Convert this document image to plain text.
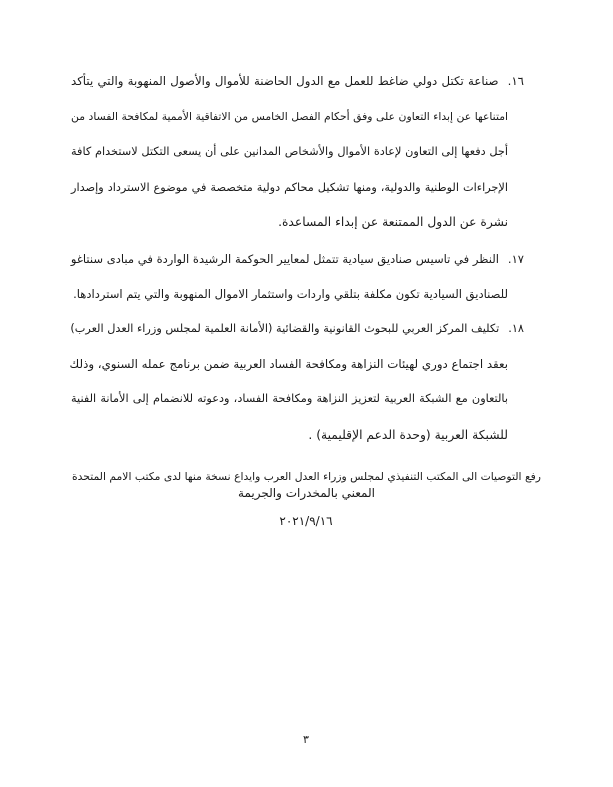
١٦.صناعة تكتل دولي ضاغط للعمل مع الدول الحاضنة للأموال والأصول المنهوبة والتي يتأكد
امتناعها عن إبداء التعاون على وفق أحكام الفصل الخامس من الاتفاقية الأممية لمكافحة الفساد من
أجل دفعها إلى التعاون لإعادة الأموال والأشخاص المدانين على أن يسعى التكتل لاستخدام كافة
الإجراءات الوطنية والدولية، ومنها تشكيل محاكم دولية متخصصة في موضوع الاسترداد وإصدار
نشرة عن الدول الممتنعة عن إبداء المساعدة.
١٧.النظر في تاسيس صناديق سيادية تتمثل لمعايير الحوكمة الرشيدة الواردة في مبادى سنتاغو
للصناديق السيادية تكون مكلفة بتلقي واردات واستثمار الاموال المنهوبة والتي يتم استردادها.
١٨.تكليف المركز العربي للبحوث القانونية والقضائية (الأمانة العلمية لمجلس وزراء العدل العرب)
بعقد اجتماع دوري لهيئات النزاهة ومكافحة الفساد العربية ضمن برنامج عمله السنوي، وذلك
بالتعاون مع الشبكة العربية لتعزيز النزاهة ومكافحة الفساد، ودعوته للانضمام إلى الأمانة الفنية
للشبكة العربية (وحدة الدعم الإقليمية) .
رفع التوصيات الى المكتب التنفيذي لمجلس وزراء العدل العرب وايداع نسخة منها لدى مكتب الامم المتحدة
المعني بالمخدرات والجريمة
٢٠٢١/٩/١٦
٣
